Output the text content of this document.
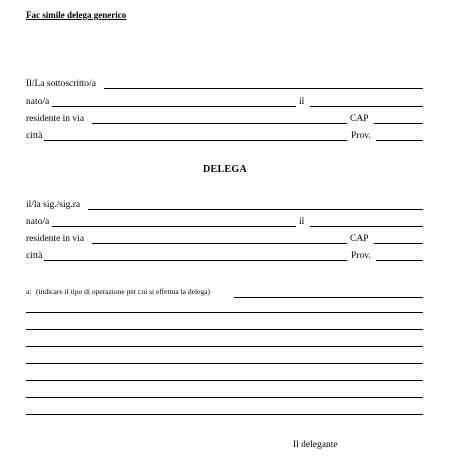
Fac simile delega generico
Il/La sottoscritto/a
nato/a	il
residente in via	CAP
città	Prov.
DELEGA
il/la sig./sig.ra
nato/a	il
residente in via	CAP
città	Prov.
a: (indicare il tipo di operazione per cui si effettua la delega)
Il delegante
